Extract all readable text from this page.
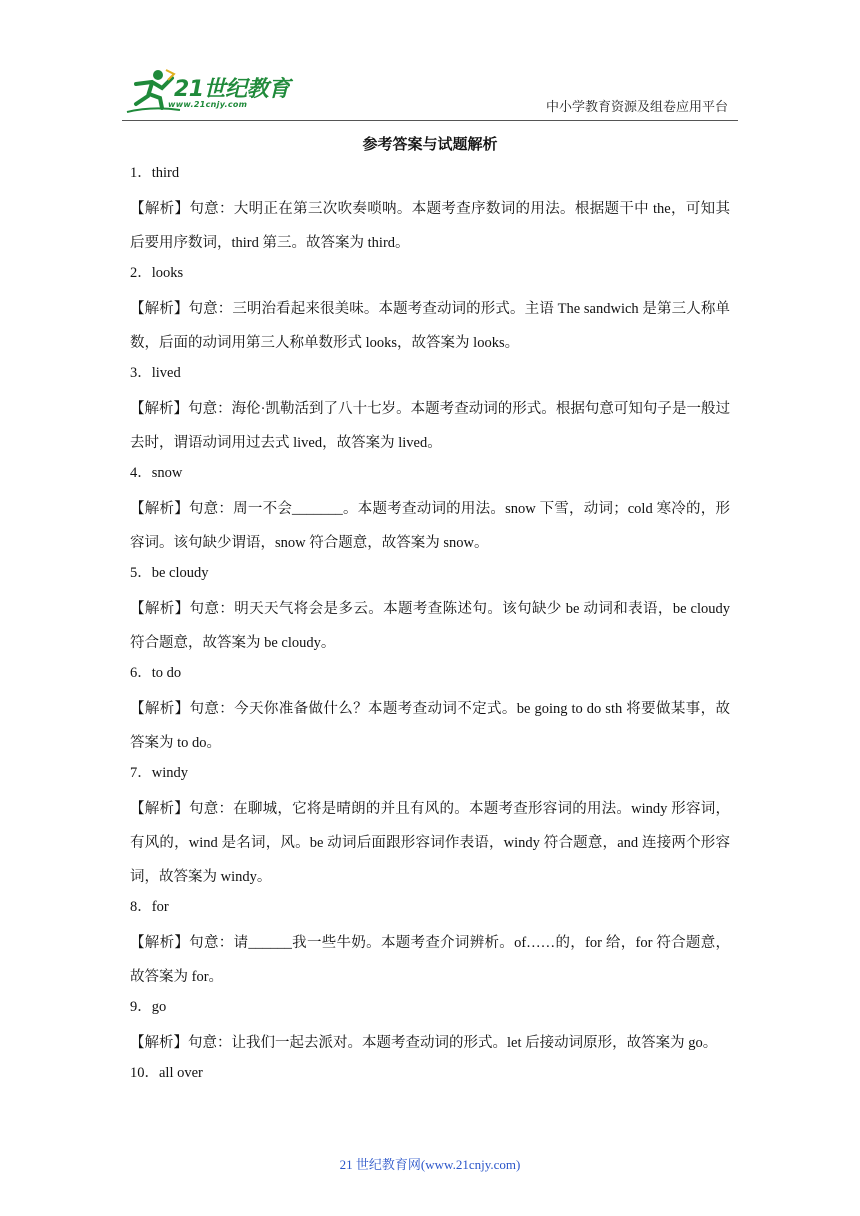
21世纪教育
www.21cnjy.com	中小学教育资源及组卷应用平台
参考答案与试题解析

1．third

【解析】句意：大明正在第三次吹奏唢呐。本题考查序数词的用法。根据题干中 the，可知其后要用序数词，third 第三。故答案为 third。

2．looks

【解析】句意：三明治看起来很美味。本题考查动词的形式。主语 The sandwich 是第三人称单数，后面的动词用第三人称单数形式 looks，故答案为 looks。

3．lived

【解析】句意：海伦·凯勒活到了八十七岁。本题考查动词的形式。根据句意可知句子是一般过去时，谓语动词用过去式 lived，故答案为 lived。

4．snow

【解析】句意：周一不会_______。本题考查动词的用法。snow 下雪，动词；cold 寒冷的，形容词。该句缺少谓语，snow 符合题意，故答案为 snow。

5．be cloudy

【解析】句意：明天天气将会是多云。本题考查陈述句。该句缺少 be 动词和表语，be cloudy 符合题意，故答案为 be cloudy。

6．to do

【解析】句意：今天你准备做什么？本题考查动词不定式。be going to do sth 将要做某事，故答案为 to do。

7．windy

【解析】句意：在聊城，它将是晴朗的并且有风的。本题考查形容词的用法。windy 形容词，有风的，wind 是名词，风。be 动词后面跟形容词作表语，windy 符合题意，and 连接两个形容词，故答案为 windy。

8．for

【解析】句意：请______我一些牛奶。本题考查介词辨析。of……的，for 给，for 符合题意，故答案为 for。

9．go

【解析】句意：让我们一起去派对。本题考查动词的形式。let 后接动词原形，故答案为 go。

10．all over

21 世纪教育网(www.21cnjy.com)
